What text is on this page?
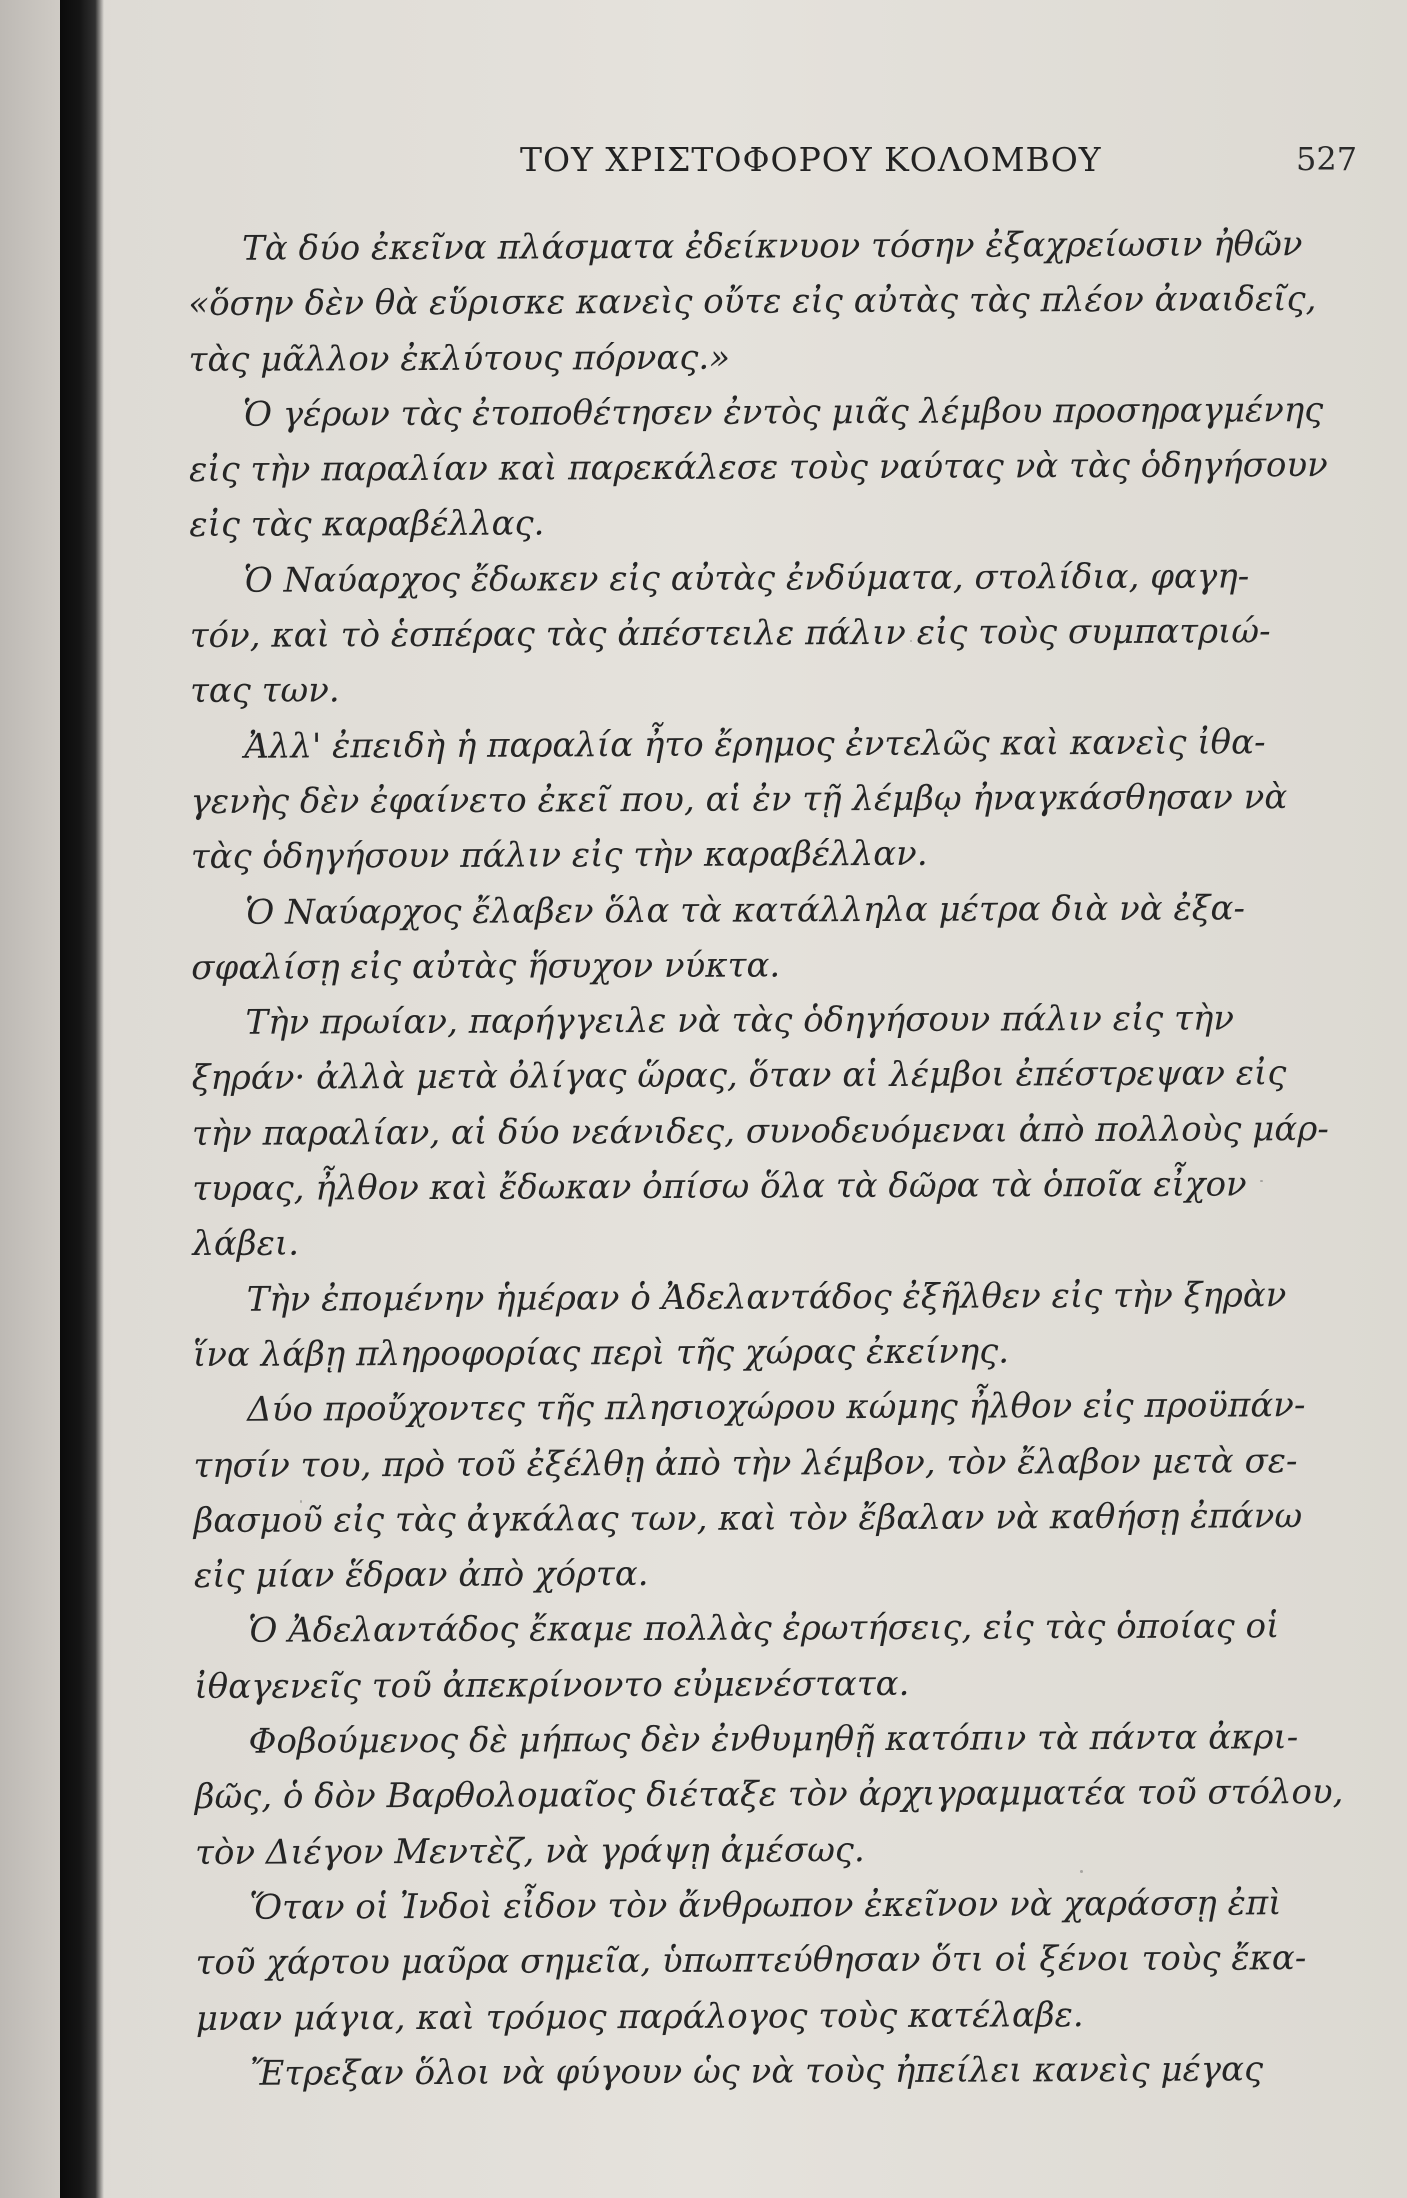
ΤΟΥ ΧΡΙΣΤΟΦΟΡΟΥ ΚΟΛΟΜΒΟΥ	527
Τὰ δύο ἐκεῖνα πλάσματα ἐδείκνυον τόσην ἐξαχρείωσιν ἠθῶν
«ὅσην δὲν θὰ εὕρισκε κανεὶς οὔτε εἰς αὐτὰς τὰς πλέον ἀναιδεῖς,
τὰς μᾶλλον ἐκλύτους πόρνας.»
Ὁ γέρων τὰς ἐτοποθέτησεν ἐντὸς μιᾶς λέμβου προσηραγμένης
εἰς τὴν παραλίαν καὶ παρεκάλεσε τοὺς ναύτας νὰ τὰς ὁδηγήσουν
εἰς τὰς καραβέλλας.
Ὁ Ναύαρχος ἔδωκεν εἰς αὐτὰς ἐνδύματα, στολίδια, φαγη-
τόν, καὶ τὸ ἑσπέρας τὰς ἀπέστειλε πάλιν εἰς τοὺς συμπατριώ-
τας των.
Ἀλλ' ἐπειδὴ ἡ παραλία ἦτο ἔρημος ἐντελῶς καὶ κανεὶς ἰθα-
γενὴς δὲν ἐφαίνετο ἐκεῖ που, αἱ ἐν τῇ λέμβῳ ἠναγκάσθησαν νὰ
τὰς ὁδηγήσουν πάλιν εἰς τὴν καραβέλλαν.
Ὁ Ναύαρχος ἔλαβεν ὅλα τὰ κατάλληλα μέτρα διὰ νὰ ἐξα-
σφαλίσῃ εἰς αὐτὰς ἥσυχον νύκτα.
Τὴν πρωίαν, παρήγγειλε νὰ τὰς ὁδηγήσουν πάλιν εἰς τὴν
ξηράν· ἀλλὰ μετὰ ὀλίγας ὥρας, ὅταν αἱ λέμβοι ἐπέστρεψαν εἰς
τὴν παραλίαν, αἱ δύο νεάνιδες, συνοδευόμεναι ἀπὸ πολλοὺς μάρ-
τυρας, ἦλθον καὶ ἔδωκαν ὀπίσω ὅλα τὰ δῶρα τὰ ὁποῖα εἶχον
λάβει.
Τὴν ἐπομένην ἡμέραν ὁ Ἀδελαντάδος ἐξῆλθεν εἰς τὴν ξηρὰν
ἵνα λάβῃ πληροφορίας περὶ τῆς χώρας ἐκείνης.
Δύο προὔχοντες τῆς πλησιοχώρου κώμης ἦλθον εἰς προϋπάν-
τησίν του, πρὸ τοῦ ἐξέλθῃ ἀπὸ τὴν λέμβον, τὸν ἔλαβον μετὰ σε-
βασμοῦ εἰς τὰς ἀγκάλας των, καὶ τὸν ἔβαλαν νὰ καθήσῃ ἐπάνω
εἰς μίαν ἕδραν ἀπὸ χόρτα.
Ὁ Ἀδελαντάδος ἔκαμε πολλὰς ἐρωτήσεις, εἰς τὰς ὁποίας οἱ
ἰθαγενεῖς τοῦ ἀπεκρίνοντο εὐμενέστατα.
Φοβούμενος δὲ μήπως δὲν ἐνθυμηθῇ κατόπιν τὰ πάντα ἀκρι-
βῶς, ὁ δὸν Βαρθολομαῖος διέταξε τὸν ἀρχιγραμματέα τοῦ στόλου,
τὸν Διέγον Μεντὲζ, νὰ γράψῃ ἀμέσως.
Ὅταν οἱ Ἰνδοὶ εἶδον τὸν ἄνθρωπον ἐκεῖνον νὰ χαράσσῃ ἐπὶ
τοῦ χάρτου μαῦρα σημεῖα, ὑπωπτεύθησαν ὅτι οἱ ξένοι τοὺς ἔκα-
μναν μάγια, καὶ τρόμος παράλογος τοὺς κατέλαβε.
Ἔτρεξαν ὅλοι νὰ φύγουν ὡς νὰ τοὺς ἠπείλει κανεὶς μέγας
